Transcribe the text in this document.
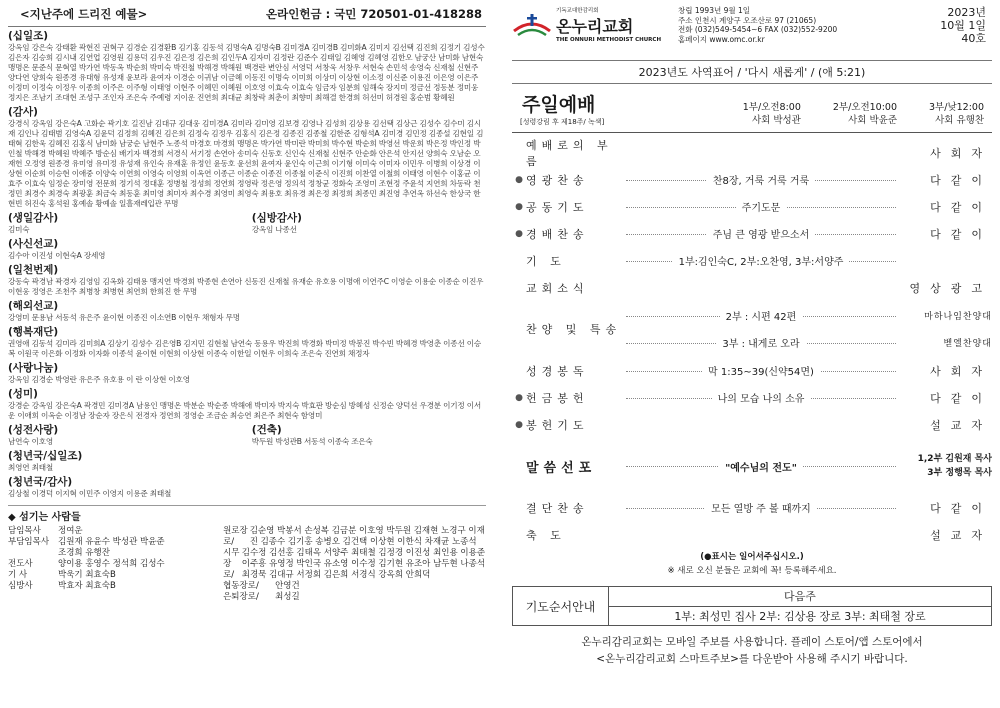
<지난주에 드리진 예물>	온라인헌금 : 국민 720501-01-418288
(십일조)
강옥임 강은숙 강태환 곽현진 권혁구 김경순 김경환B 김기홍 김동석 김명숙A 김명숙B 김미경A 김미경B 김미화A 김미지 김선택 김진희 김정기 김성수 김은자 김승희 김시내 김연업 김영원 김용덕 김우진 김은정 김은희 김인두A 김자미 김정란 김준수 김태일 김혜영 김혜영 김한오 남궁산 남미화 남현숙 맹명온 문준식 문혁열 박가연 박동옥 박순희 박미숙 박진철 박해경 박해원 백경란 변안심 서영덕 서창욱 서창우 서현숙 손민석 송영숙 신재철 신현주 양다연 양희숙 원종경 유대형 유성재 윤보라 윤여자 이경순 이귀남 이금혜 이동진 이명숙 이미희 이상미 이상현 이소정 이신준 이용진 이은영 이은주 이정미 이정숙 이정우 이종희 이주은 이주형 이태영 이현주 이혜민 이혜원 이호영 이효숙 이효숙 임금자 임분희 임해숙 장지미 정금선 정동분 정미웅 정지은 조남기 조대현 조성구 조인자 조은숙 주예령 지이운 진연희 최대균 최창락 최춘이 최향미 최해결 한경희 허선미 허경원 홍순범 황혜원
(감사)
강경식 강옥임 강은숙A 고화순 곽기호 길진남 김대규 김대웅 김미경A 김미라 김미영 김보경 김영나 김성희 김상용 김선택 김상근 김성수 김수미 김시재 김인나 김태범 김영숙A 김윤덕 김정희 김혜진 김은희 김정숙 김정우 김홍식 김은정 김종진 김종철 김한준 김형석A 김미경 김민정 김종설 김현일 김태혁 김한욱 김혜진 김홍식 남미화 남궁순 남현주 노종석 마경호 마경희 맹명온 박가연 박미란 박미희 박수현 박순희 박영선 박운희 박은정 박인정 박인철 박해경 박혜원 박혜주 방순심 배기자 백경희 서경식 서기정 손연아 송미숙 신동호 신인숙 신재철 신현주 안순화 안은석 안지선 양희숙 오남순 오재헌 오정영 원종경 유미영 유미정 유성재 유인숙 유재훈 유정인 윤동호 윤선희 윤여자 윤인숙 이근희 이기형 이미숙 이미자 이민우 이병희 이상경 이상현 이순희 이승현 이애중 이양숙 이연희 이영숙 이영희 이옥연 이종근 이종순 이종진 이종철 이준식 이진희 이찬열 이철희 이태영 이현수 이홍균 이효주 이효숙 임정순 장미영 전문희 정기석 정대훈 정병철 정성희 정연희 정영락 정은영 정의석 정창균 정화숙 조영미 조현정 주윤석 지연희 차동락 천정민 최경수 최경숙 최광훈 최금숙 최동훈 최미영 최미자 최수경 최영미 최영숙 최용호 최유경 최은정 최정희 최종민 최진영 추연옥 하선숙 한상국 한현빈 허진숙 홍석원 홍예솔 황예솔 일흘재레입관 무명
(생일감사)
김미숙
(심방감사)
강옥임 나종선
(사신선교)
김수아 이진성 이현숙A 장세영
(일천번제)
강동숙 곽경남 곽경자 김영임 김옥화 김태용 맹지연 박경희 박종현 손연아 신동진 신재철 유재순 유호용 이명애 이연주C 이영순 이용순 이종순 이진우 이현웅 정영은 조천주 최병창 최병현 최연희 한희진 한 무명
(해외선교)
강영미 문용남 서동석 유은주 윤이현 이종진 이소연B 이현우 채형자 무명
(행복재단)
권영애 김동석 김미라 김미희A 김상기 김성수 김은영B 김지민 김현철 남연숙 동용우 박진희 박경화 박미정 박봉진 박수빈 박혜경 박영춘 이종선 이승복 이원국 이은화 이정화 이자화 이종석 윤이현 이현희 이상현 이종숙 이한일 이현우 이희숙 조은숙 진연희 채정자
(사랑나눔)
강옥임 김경순 박영란 유은주 유호용 이 란 이상현 이호영
(성미)
강경순 강옥임 강은숙A 곽경민 김미경A 남용인 맹명온 박분순 박순종 박해애 박미자 박지숙 박효판 방순심 방혜성 신정순 양덕선 우경분 이기정 이서운 이애희 이옥순 이정남 장순자 장은식 전경자 정연희 정영순 조금순 최승연 최은주 최현숙 함영미
(성전사랑)
남연숙 이호영
(건축)
박두원 박성관B 서동석 이종숙 조은숙
(청년국/십일조)
최영연 최태철
(청년국/감사)
김상철 이경덕 이지혁 이민주 이영지 이용준 최태철
◆ 섬기는 사람들
담임목사	정여운
부담임목사	김원재 유윤수 박성관 박윤준
조경희 유행잔
전도사	양이용 홍영수 정석희 김성수
기 사	박욱기 최효숙B
심방사	박효자 최효숙B
원로장로/
김순영 박봉서 손성복 김금분 이호영 박두원 김재현 노경구 이재진 김종수 김기홍 송병오 김건택 이상현 이한식 차재균 노종석
시무장로/
김수정 김선홍 김태옥 서양주 최태철 김정경 이진성 최인용 이용준 이주흥 유영정 박인국 유소영 이수정 김기현 유조아 남두현 나종석 최경묵 김대규 서정회 김은희 서경식 강옥희 안희덕
협동장로/	안영건
은퇴장로/	최성길
기독교대한감리회
온누리교회
THE ONNURI METHODIST CHURCH
창립 1993년 9월 1일
주소 인천시 계양구 오조산로 97 (21065)
전화 (032)549-5454~6 FAX (032)552-9200
홈페이지 www.omc.or.kr
2023년
10월 1일
40호
2023년도 사역표어 / '다시 새롭게' / (애 5:21)
주일예배
[성령강림 후 제18주/ 녹색]
1부/오전8:00
사회 박성관
2부/오전10:00
사회 박윤준
3부/낮12:00
사회 유행찬
예배로의 부름
사회자
● 영광찬송	찬8장, 거룩 거룩 거룩	다같이
● 공동기도	주기도문	다같이
● 경배찬송	주님 큰 영광 받으소서	다같이
기 도	1부:김인숙C, 2부:오찬영, 3부:서양주
교회소식	영상광고
찬양 및 특송
2부 : 시편 42편	마하나임찬양대
3부 : 내게로 오라	벧엘찬양대
성경봉독	막 1:35~39(신약54면)	사회자
● 헌금봉헌	나의 모습 나의 소유	다같이
● 봉헌기도	설교자
말씀선포	"예수님의 전도"
1,2부 김원재 목사
3부 정행목 목사
결단찬송	모든 열방 주 볼 때까지	다같이
축 도	설교자
(●표시는 일어서주십시오.)
※ 새로 오신 분들은 교회에 꼭! 등록해주세요.
기도순서안내
다음주
1부: 최성민 집사 2부: 김상용 장로 3부: 최태철 장로
온누리감리교회는 모바일 주보를 사용합니다. 플레이 스토어/앱 스토어에서
<온누리감리교회 스마트주보>를 다운받아 사용해 주시기 바랍니다.
